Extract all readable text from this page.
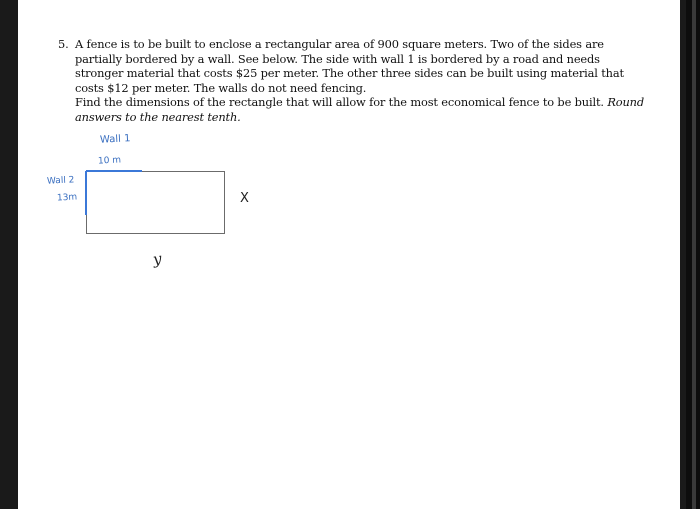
5. A fence is to be built to enclose a rectangular area of 900 square meters. Two of the sides are partially bordered by a wall. See below. The side with wall 1 is bordered by a road and needs stronger material that costs $25 per meter. The other three sides can be built using material that costs $12 per meter. The walls do not need fencing.

Find the dimensions of the rectangle that will allow for the most economical fence to be built. Round answers to the nearest tenth.

Wall 1
10 m
Wall 2
13m	X
y
